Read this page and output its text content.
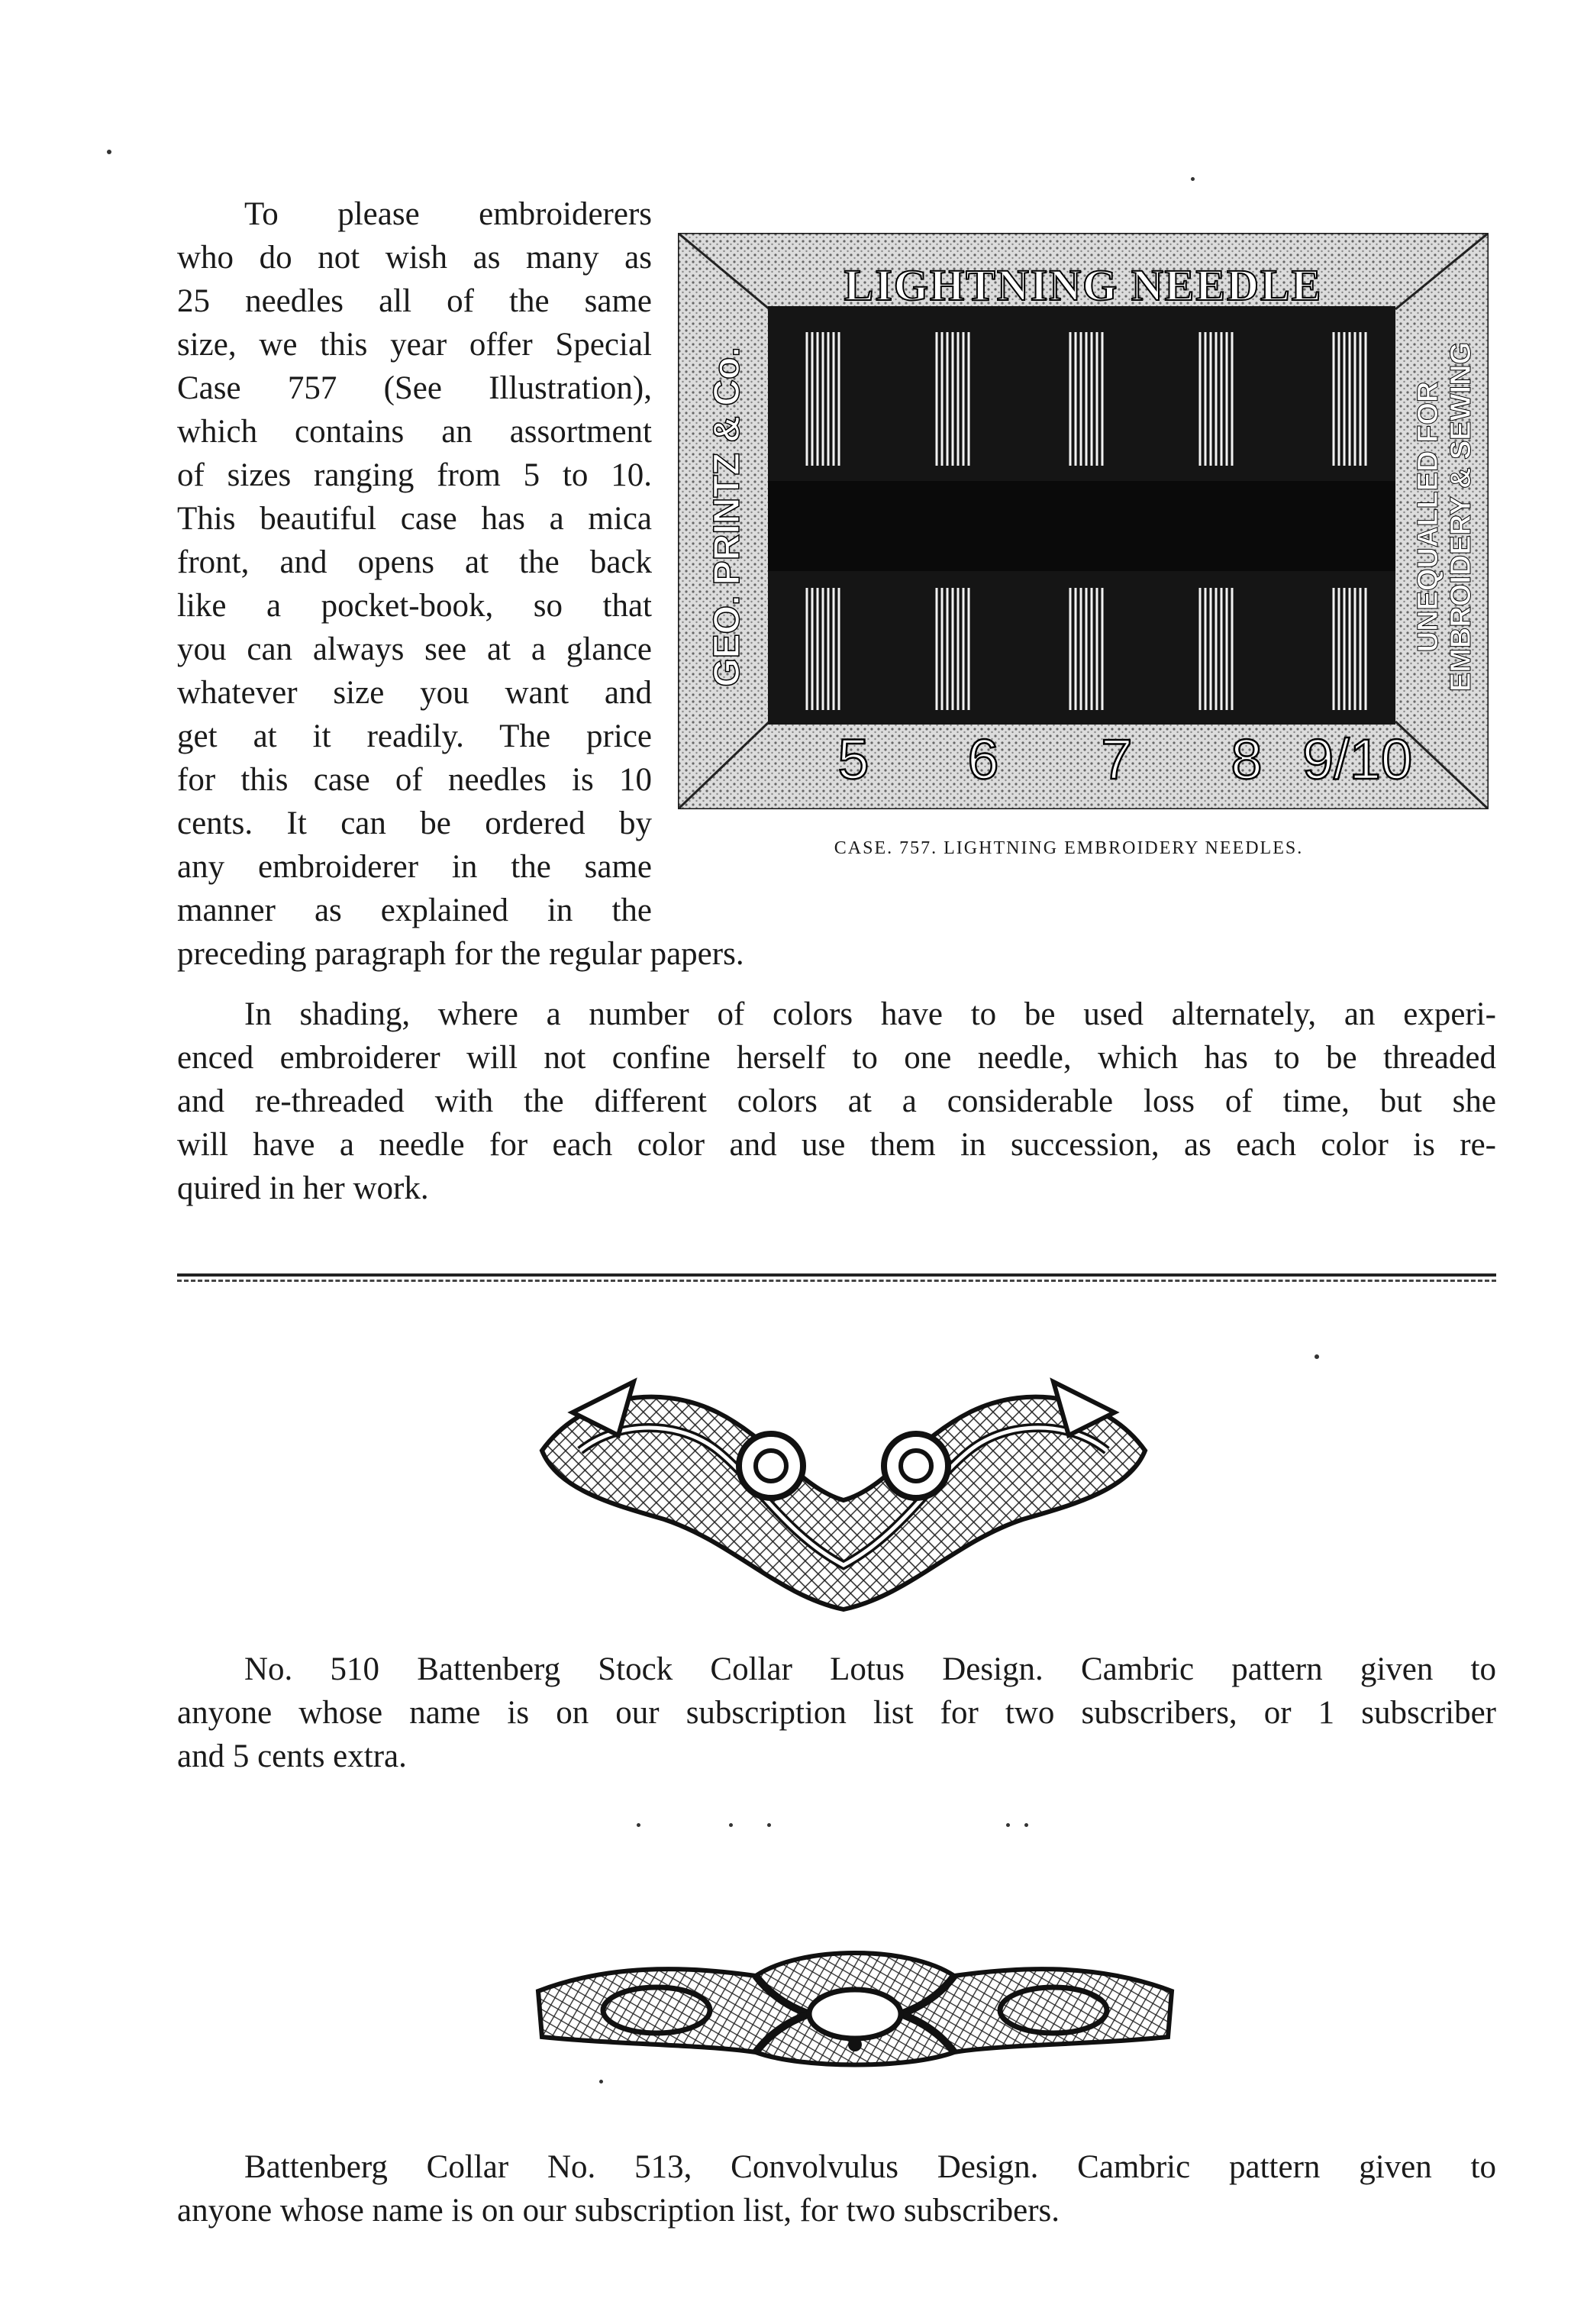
To please embroiderers
who do not wish as many as
25 needles all of the same
size, we this year offer Special
Case 757 (See Illustration),
which contains an assortment
of sizes ranging from 5 to 10.
This beautiful case has a mica
front, and opens at the back
like a pocket-book, so that
you can always see at a glance
whatever size you want and
get at it readily. The price
for this case of needles is 10
cents. It can be ordered by
any embroiderer in the same
manner as explained in the
preceding paragraph for the regular papers.
LIGHTNING NEEDLE
GEO. PRINTZ & Co.	UNEQUALLED FOR EMBROIDERY & SEWING
5 6 7 8 9/10
CASE. 757. LIGHTNING EMBROIDERY NEEDLES.
In shading, where a number of colors have to be used alternately, an experi-
enced embroiderer will not confine herself to one needle, which has to be threaded
and re-threaded with the different colors at a considerable loss of time, but she
will have a needle for each color and use them in succession, as each color is re-
quired in her work.
No. 510 Battenberg Stock Collar Lotus Design. Cambric pattern given to
anyone whose name is on our subscription list for two subscribers, or 1 subscriber
and 5 cents extra.
Battenberg Collar No. 513, Convolvulus Design. Cambric pattern given to
anyone whose name is on our subscription list, for two subscribers.
